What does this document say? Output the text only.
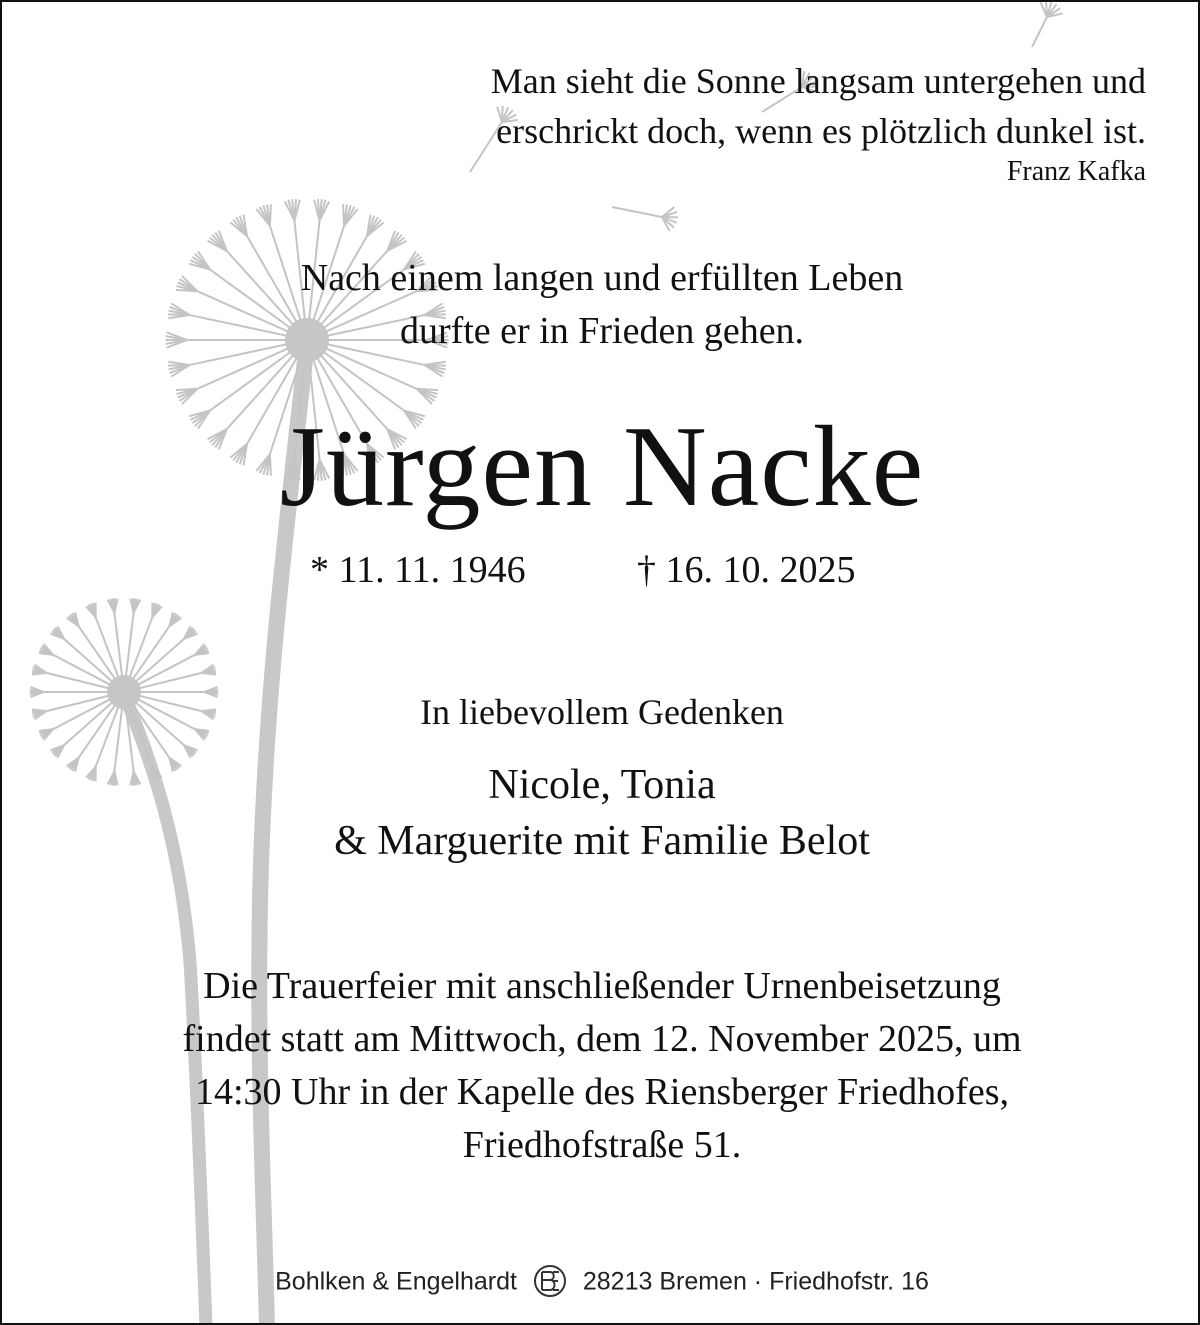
Man sieht die Sonne langsam untergehen und
erschrickt doch, wenn es plötzlich dunkel ist.
Franz Kafka
Nach einem langen und erfüllten Leben
durfte er in Frieden gehen.
Jürgen Nacke
* 11. 11. 1946	† 16. 10. 2025
In liebevollem Gedenken
Nicole, Tonia
& Marguerite mit Familie Belot
Die Trauerfeier mit anschließender Urnenbeisetzung
findet statt am Mittwoch, dem 12. November 2025, um
14:30 Uhr in der Kapelle des Riensberger Friedhofes,
Friedhofstraße 51.
Bohlken & Engelhardt	28213 Bremen · Friedhofstr. 16
